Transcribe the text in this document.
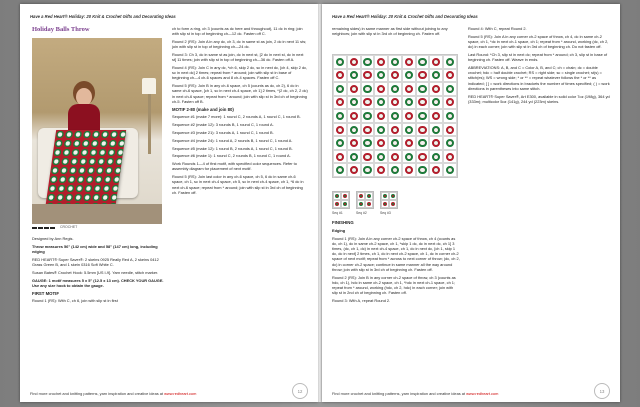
Have a Red Heart® Holiday: 20 Knit & Crochet Gifts and Decorating Ideas
Holiday Balls Throw
CROCHET

Designed by Ann Regis.

Throw measures 56" (142 cm) wide and 58" (147 cm) long, including edging

RED HEART® Super Saver®: 2 skeins 0925 Really Red A, 2 skeins 0412 Grass Green B, and 1 skein 0316 Soft White C.

Susan Bates® Crochet Hook: 5.5mm [US I-9]. Yarn needle, stitch marker.

GAUGE: 1 motif measures 5 x 5" (12.5 x 13 cm). CHECK YOUR GAUGE. Use any size hook to obtain the gauge.

FIRST MOTIF

Round 1 (RS): With C, ch 6, join with slip st in first

ch to form a ring, ch 3 (counts as dc here and throughout), 11 dc in ring; join with slip st in top of beginning ch—12 dc. Fasten off C.

Round 2 (RS): Join A in any dc, ch 3, dc in same st as join, 2 dc in next 11 sts; join with slip st in top of beginning ch—24 dc.

Round 3: Ch 3, dc in same st as join, dc in next st, [2 dc in next st, dc in next st] 11 times; join with slip st in top of beginning ch—36 dc. Fasten off A.

Round 4 (RS): Join C in any dc, *ch 6, skip 2 dc, sc in next dc, [ch 4, skip 2 dc, sc in next dc] 2 times; repeat from * around; join with slip st in base of beginning ch—4 ch-6 spaces and 8 ch-4 spaces. Fasten off C.

Round 5 (RS): Join B in any ch-6 space, ch 5 (counts as dc, ch 2), 6 dc in same ch-6 space, [ch 1, sc in next ch-4 space, ch 1] 2 times, *(2 dc, ch 2, 2 dc) in next ch-6 space; repeat from * around; join with slip st in 3rd ch of beginning ch-5. Fasten off B.

MOTIF 2-80 (make and join 80)

Sequence #1 (make 7 more): 1 round C, 2 rounds A, 1 round C, 1 round B.

Sequence #2 (make 12): 3 rounds B, 1 round C, 1 round A.

Sequence #3 (make 21): 3 rounds A, 1 round C, 1 round B.

Sequence #4 (make 24): 1 round A, 2 rounds B, 1 round C, 1 round A.

Sequence #5 (make 12): 1 round B, 2 rounds A, 1 round C, 1 round B.

Sequence #6 (make 1): 1 round C, 2 rounds B, 1 round C, 1 round A.

Work Rounds 1—4 of first motif, with specified color sequences. Refer to assembly diagram for placement of next motif.

Round 5 (RS): Join last color in any ch-6 space, ch 5, 6 dc in same ch-6 space, ch 1, sc in next ch-4 space, ch 5, sc in next ch-4 space, ch 1, *6 dc in next ch-6 space; repeat from * around; join with slip st in 3rd ch of beginning ch. Fasten off.

Find more crochet and knitting patterns, yarn inspiration and creative ideas at www.redheart.com	12
Have a Red Heart® Holiday: 20 Knit & Crochet Gifts and Decorating Ideas

remaining sides) in same manner as first side without joining to any neighbors; join with slip st in 3rd ch of beginning ch. Fasten off.

Seq #1	Seq #2	Seq #3

FINISHING

Edging

Round 1 (RS): Join A in any corner ch-2 space of throw, ch 4 (counts as dc, ch 1), dc in same ch-2 space, ch 1, *skip 1 dc, dc in next dc, ch 1] 3 times, (dc, ch 1, dc) in next ch-4 space, ch 1, dc in next dc, [ch 1, skip 1 dc, dc in next] 2 times, ch 1, dc in next ch-2 space, ch 1, dc in corner ch-2 space of next motif; repeat from * across to next corner of throw; (dc, ch 2, dc) in corner ch-2 space; continue in same manner all the way around throw; join with slip st in 3rd ch of beginning ch. Fasten off.

Round 2 (RS): Join B in any corner ch-2 space of throw, ch 3 (counts as hdc, ch 1), hdc in same ch-2 space, ch 1, *hdc in next ch-1 space, ch 1; repeat from * around, working (hdc, ch 2, hdc) in each corner; join with slip st in 2nd ch of beginning ch. Fasten off.

Round 3: With A, repeat Round 2.

Round 4: With C, repeat Round 2.

Round 5 (RS): Join A in any corner ch-2 space of throw, ch 4, dc in same ch-2 space, ch 1, *dc in next ch-1 space, ch 1; repeat from * around, working (dc, ch 2, dc) in each corner; join with slip st in 3rd ch of beginning ch. Do not fasten off.

Last Round: *Ch 3, slip st in next dc; repeat from * around; ch 3, slip st in base of beginning ch. Fasten off. Weave in ends.

ABBREVIATIONS: A, B, and C = Color A, B, and C; ch = chain; dc = double crochet; hdc = half double crochet; RS = right side; sc = single crochet; st(s) = stitch(es); WS = wrong side; * or ** = repeat whatever follows the * or ** as indicated; [ ] = work directions in brackets the number of times specified; ( ) = work directions in parentheses into same stitch.

RED HEART® Super Saver®, Art E300, available in solid color 7oz (198g), 364 yd (333m); multicolor 5oz (141g), 244 yd (223m) skeins.

Find more crochet and knitting patterns, yarn inspiration and creative ideas at www.redheart.com	13
